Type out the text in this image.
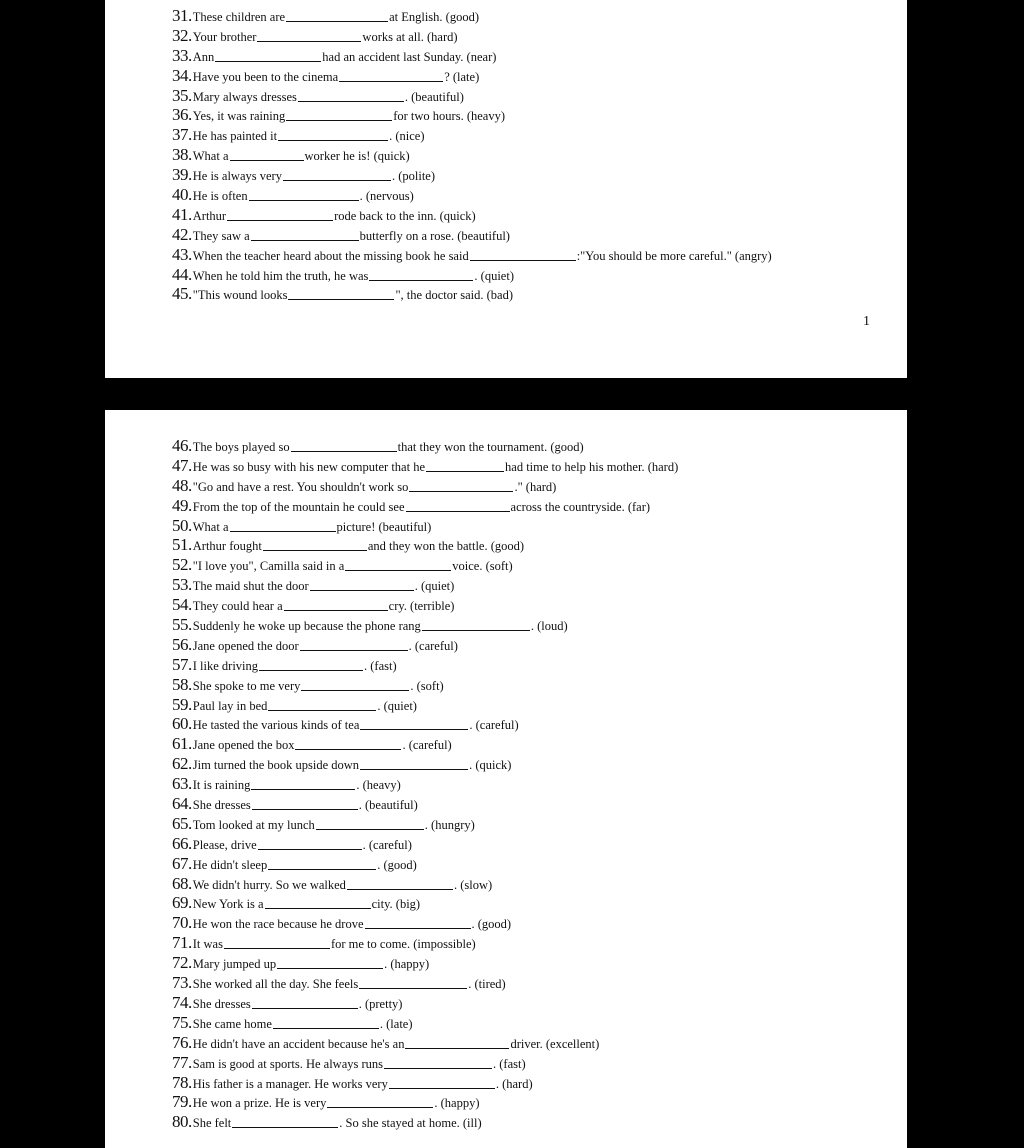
31. These children are	at English. (good)
32. Your brother	works at all. (hard)
33. Ann	had an accident last Sunday. (near)
34. Have you been to the cinema	? (late)
35. Mary always dresses	. (beautiful)
36. Yes, it was raining	for two hours. (heavy)
37. He has painted it	. (nice)
38. What a	worker he is! (quick)
39. He is always very	. (polite)
40. He is often	. (nervous)
41. Arthur	rode back to the inn. (quick)
42. They saw a	butterfly on a rose. (beautiful)
43. When the teacher heard about the missing book he said	:"You should be more careful." (angry)
44. When he told him the truth, he was	. (quiet)
45. "This wound looks	", the doctor said. (bad)
1
46. The boys played so	that they won the tournament. (good)
47. He was so busy with his new computer that he	had time to help his mother. (hard)
48. "Go and have a rest. You shouldn't work so	." (hard)
49. From the top of the mountain he could see	across the countryside. (far)
50. What a	picture! (beautiful)
51. Arthur fought	and they won the battle. (good)
52. "I love you", Camilla said in a	voice. (soft)
53. The maid shut the door	. (quiet)
54. They could hear a	cry. (terrible)
55. Suddenly he woke up because the phone rang	. (loud)
56. Jane opened the door	. (careful)
57. I like driving	. (fast)
58. She spoke to me very	. (soft)
59. Paul lay in bed	. (quiet)
60. He tasted the various kinds of tea	. (careful)
61. Jane opened the box	. (careful)
62. Jim turned the book upside down	. (quick)
63. It is raining	. (heavy)
64. She dresses	. (beautiful)
65. Tom looked at my lunch	. (hungry)
66. Please, drive	. (careful)
67. He didn't sleep	. (good)
68. We didn't hurry. So we walked	. (slow)
69. New York is a	city. (big)
70. He won the race because he drove	. (good)
71. It was	for me to come. (impossible)
72. Mary jumped up	. (happy)
73. She worked all the day. She feels	. (tired)
74. She dresses	. (pretty)
75. She came home	. (late)
76. He didn't have an accident because he's an	driver. (excellent)
77. Sam is good at sports. He always runs	. (fast)
78. His father is a manager. He works very	. (hard)
79. He won a prize. He is very	. (happy)
80. She felt	. So she stayed at home. (ill)
